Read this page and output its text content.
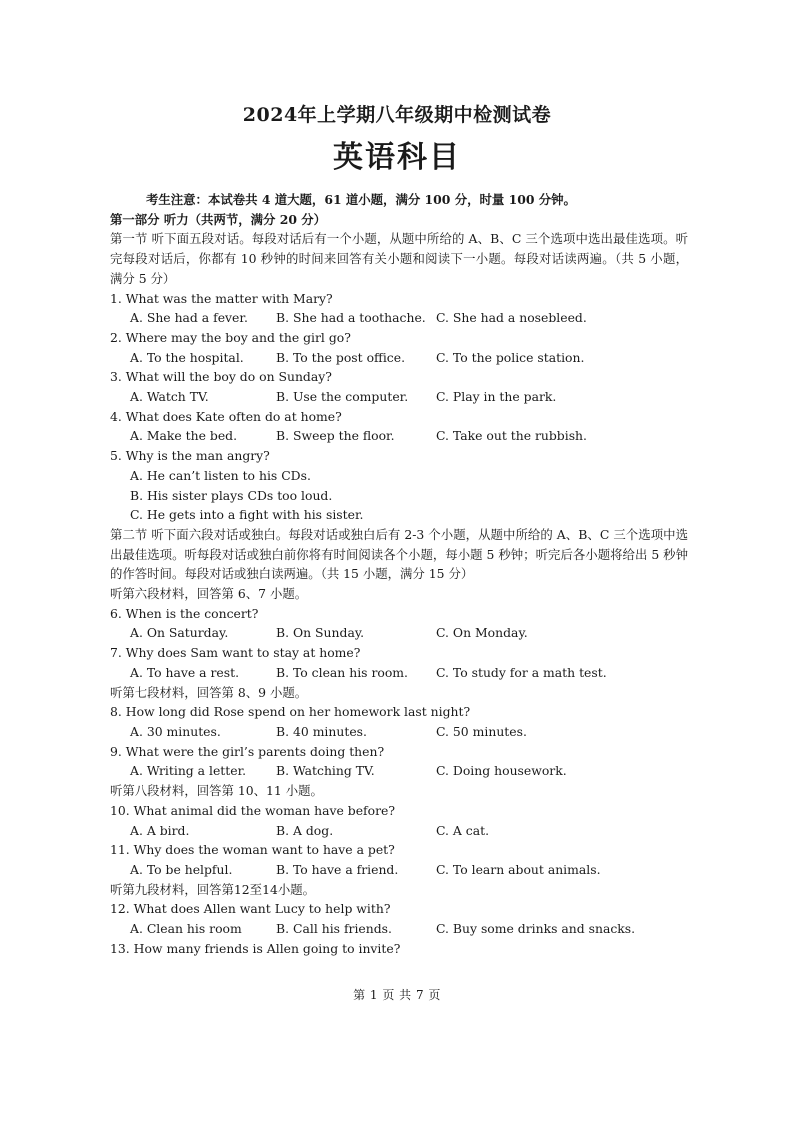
2024年上学期八年级期中检测试卷
英语科目
考生注意：本试卷共 4 道大题，61 道小题，满分 100 分，时量 100 分钟。
第一部分 听力（共两节，满分 20 分）
第一节 听下面五段对话。每段对话后有一个小题，从题中所给的 A、B、C 三个选项中选出最佳选项。听完每段对话后，你都有 10 秒钟的时间来回答有关小题和阅读下一小题。每段对话读两遍。（共 5 小题，满分 5 分）
1. What was the matter with Mary?
A. She had a fever.	B. She had a toothache. C. She had a nosebleed.
2. Where may the boy and the girl go?
A. To the hospital.	B. To the post office.	C. To the police station.
3. What will the boy do on Sunday?
A. Watch TV.	B. Use the computer.	C. Play in the park.
4. What does Kate often do at home?
A. Make the bed.	B. Sweep the floor.	C. Take out the rubbish.
5. Why is the man angry?
A. He can’t listen to his CDs.
B. His sister plays CDs too loud.
C. He gets into a fight with his sister.
第二节 听下面六段对话或独白。每段对话或独白后有 2-3 个小题，从题中所给的 A、B、C 三个选项中选出最佳选项。听每段对话或独白前你将有时间阅读各个小题，每小题 5 秒钟；听完后各小题将给出 5 秒钟的作答时间。每段对话或独白读两遍。（共 15 小题，满分 15 分）
听第六段材料，回答第 6、7 小题。
6. When is the concert?
A. On Saturday.	B. On Sunday.	C. On Monday.
7. Why does Sam want to stay at home?
A. To have a rest.	B. To clean his room.	C. To study for a math test.
听第七段材料，回答第 8、9 小题。
8. How long did Rose spend on her homework last night?
A. 30 minutes.	B. 40 minutes.	C. 50 minutes.
9. What were the girl’s parents doing then?
A. Writing a letter.	B. Watching TV.	C. Doing housework.
听第八段材料，回答第 10、11 小题。
10. What animal did the woman have before?
A. A bird.	B. A dog.	C. A cat.
11. Why does the woman want to have a pet?
A. To be helpful.	B. To have a friend.	C. To learn about animals.
听第九段材料，回答第12至14小题。
12. What does Allen want Lucy to help with?
A. Clean his room	B. Call his friends.	C. Buy some drinks and snacks.
13. How many friends is Allen going to invite?
第 1 页 共 7 页
